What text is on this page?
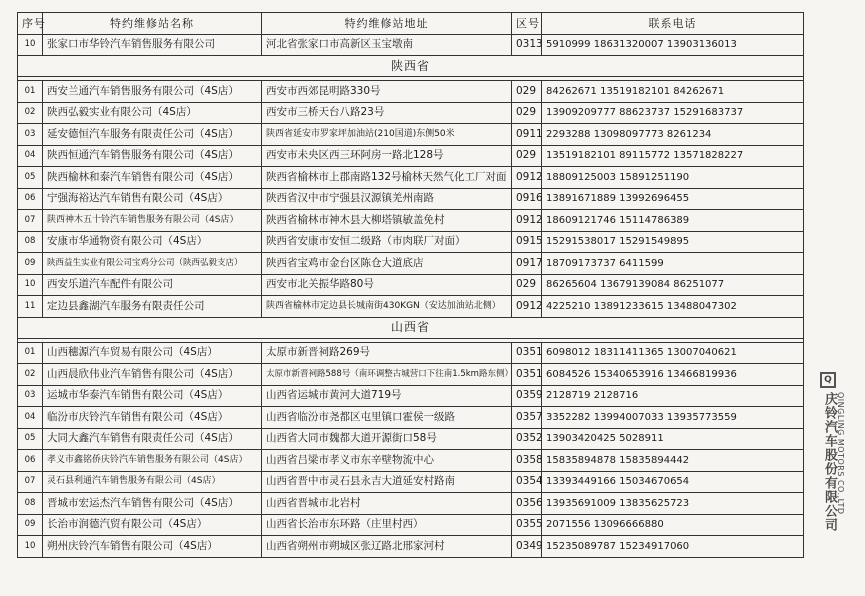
序号	特约维修站名称	特约维修站地址	区号	联系电话
10	张家口市华铃汽车销售服务有限公司	河北省张家口市高新区玉宝墩南	0313	5910999 18631320007 13903136013
陕西省				

01	西安兰通汽车销售服务有限公司（4S店）	西安市西郊昆明路330号	029	84262671 13519182101 84262671
02	陕西弘毅实业有限公司（4S店）	西安市三桥天台八路23号	029	13909209777 88623737 15291683737
03	延安德恒汽车服务有限责任公司（4S店）	陕西省延安市罗家坪加油站(210国道)东侧50米	0911	2293288 13098097773 8261234
04	陕西恒通汽车销售服务有限公司（4S店）	西安市未央区西三环阿房一路北128号	029	13519182101 89115772 13571828227
05	陕西榆林和泰汽车销售有限公司（4S店）	陕西省榆林市上郡南路132号榆林天然气化工厂对面	0912	18809125003 15891251190
06	宁强海裕达汽车销售有限公司（4S店）	陕西省汉中市宁强县汉源镇羌州南路	0916	13891671889 13992696455
07	陕西神木五十铃汽车销售服务有限公司（4S店）	陕西省榆林市神木县大柳塔镇敏盖免村	0912	18609121746 15114786389
08	安康市华通物资有限公司（4S店）	陕西省安康市安恒二级路（市肉联厂对面）	0915	15291538017 15291549895
09	陕西益生实业有限公司宝鸡分公司（陕西弘毅支店）	陕西省宝鸡市金台区陈仓大道底店	0917	18709173737 6411599
10	西安乐道汽车配件有限公司	西安市北关振华路80号	029	86265604 13679139084 86251077
11	定边县鑫湖汽车服务有限责任公司	陕西省榆林市定边县长城南街430KGN（安达加油站北侧）	0912	4225210 13891233615 13488047302
山西省				

01	山西穗源汽车贸易有限公司（4S店）	太原市新晋祠路269号	0351	6098012 18311411365 13007040621
02	山西晨欣伟业汽车销售有限公司（4S店）	太原市新晋祠路588号（南环调整古城营口下往南1.5km路东侧）	0351	6084526 15340653916 13466819936
03	运城市华泰汽车销售有限公司（4S店）	山西省运城市黄河大道719号	0359	2128719 2128716
04	临汾市庆铃汽车销售有限公司（4S店）	山西省临汾市尧都区屯里镇口霍侯一级路	0357	3352282 13994007033 13935773559
05	大同大鑫汽车销售有限责任公司（4S店）	山西省大同市魏都大道开源街口58号	0352	13903420425 5028911
06	孝义市鑫铭侨庆铃汽车销售服务有限公司（4S店）	山西省吕梁市孝义市东辛壁物流中心	0358	15835894878 15835894442
07	灵石县利通汽车销售服务有限公司（4S店）	山西省晋中市灵石县永吉大道延安村路南	0354	13393449166 15034670654
08	晋城市宏运杰汽车销售有限公司（4S店）	山西省晋城市北岩村	0356	13935691009 13835625723
09	长治市润德汽贸有限公司（4S店）	山西省长治市东环路（庄里村西）	0355	2071556 13096666880
10	朔州庆铃汽车销售有限公司（4S店）	山西省朔州市朔城区张辽路北邢家河村	0349	15235089787 15234917060
Q
庆铃汽车股份有限公司 QINGLING MOTORS CO.,LTD
